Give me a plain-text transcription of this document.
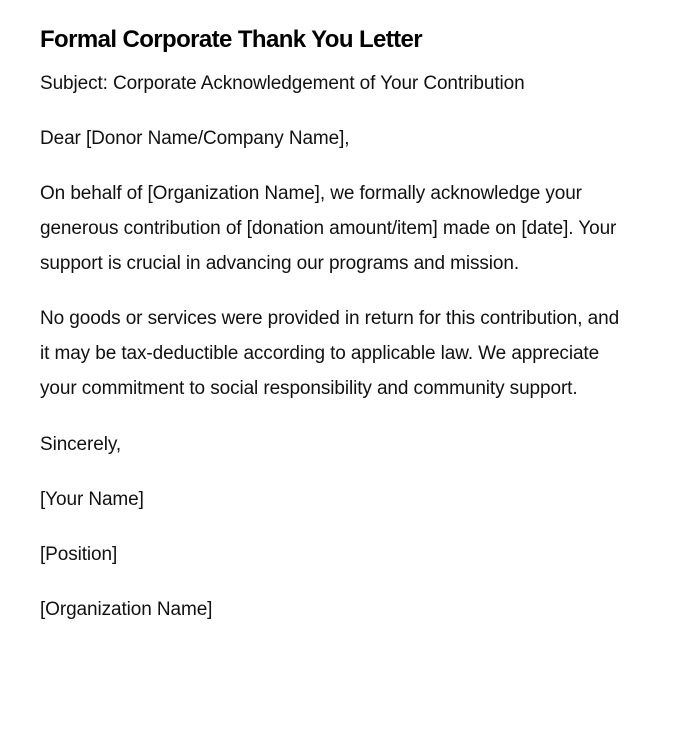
Formal Corporate Thank You Letter

Subject: Corporate Acknowledgement of Your Contribution

Dear [Donor Name/Company Name],

On behalf of [Organization Name], we formally acknowledge your generous contribution of [donation amount/item] made on [date]. Your support is crucial in advancing our programs and mission.

No goods or services were provided in return for this contribution, and it may be tax-deductible according to applicable law. We appreciate your commitment to social responsibility and community support.

Sincerely,

[Your Name]

[Position]

[Organization Name]
